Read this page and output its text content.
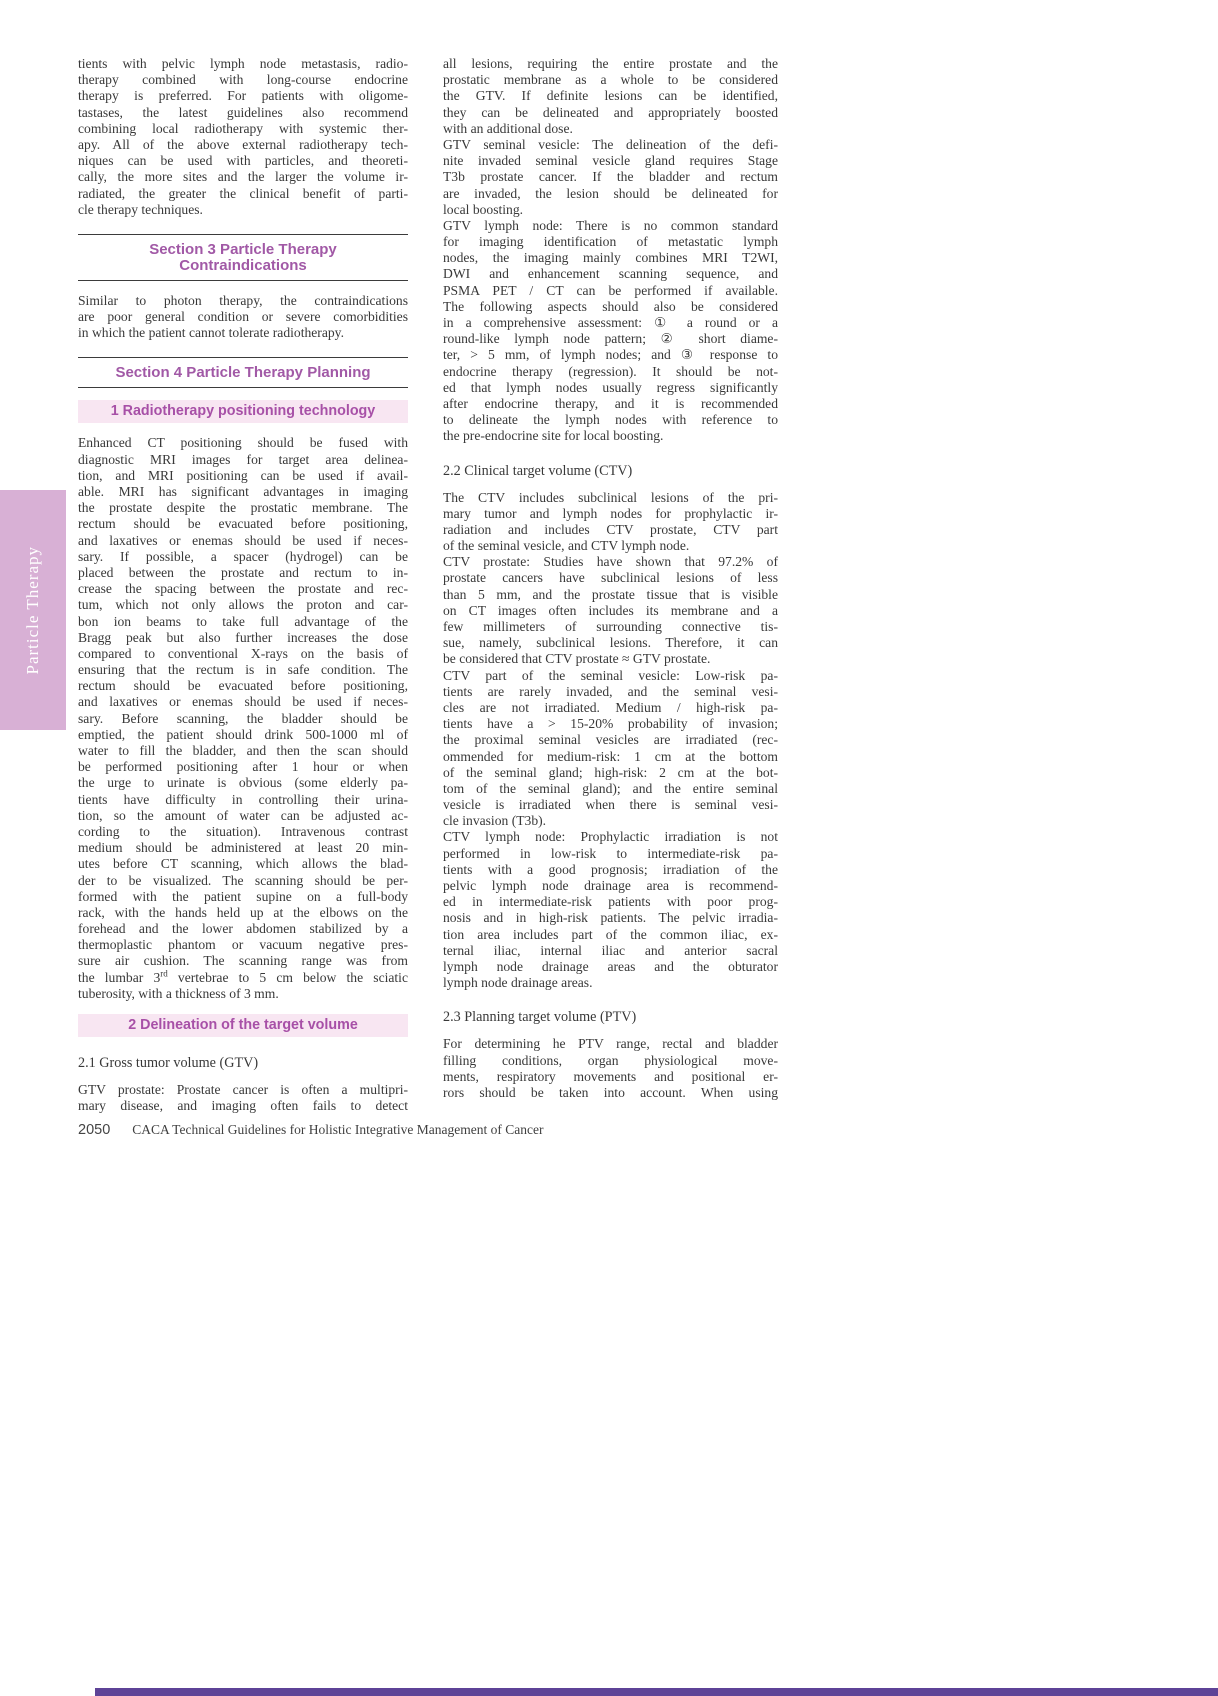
Particle Therapy
tients with pelvic lymph node metastasis, radio-
therapy combined with long-course endocrine
therapy is preferred. For patients with oligome-
tastases, the latest guidelines also recommend
combining local radiotherapy with systemic ther-
apy. All of the above external radiotherapy tech-
niques can be used with particles, and theoreti-
cally, the more sites and the larger the volume ir-
radiated, the greater the clinical benefit of parti-
cle therapy techniques.
Section 3 Particle Therapy
Contraindications
Similar to photon therapy, the contraindications
are poor general condition or severe comorbidities
in which the patient cannot tolerate radiotherapy.
Section 4 Particle Therapy Planning
1 Radiotherapy positioning technology
Enhanced CT positioning should be fused with
diagnostic MRI images for target area delinea-
tion, and MRI positioning can be used if avail-
able. MRI has significant advantages in imaging
the prostate despite the prostatic membrane. The
rectum should be evacuated before positioning,
and laxatives or enemas should be used if neces-
sary. If possible, a spacer (hydrogel) can be
placed between the prostate and rectum to in-
crease the spacing between the prostate and rec-
tum, which not only allows the proton and car-
bon ion beams to take full advantage of the
Bragg peak but also further increases the dose
compared to conventional X-rays on the basis of
ensuring that the rectum is in safe condition. The
rectum should be evacuated before positioning,
and laxatives or enemas should be used if neces-
sary. Before scanning, the bladder should be
emptied, the patient should drink 500-1000 ml of
water to fill the bladder, and then the scan should
be performed positioning after 1 hour or when
the urge to urinate is obvious (some elderly pa-
tients have difficulty in controlling their urina-
tion, so the amount of water can be adjusted ac-
cording to the situation). Intravenous contrast
medium should be administered at least 20 min-
utes before CT scanning, which allows the blad-
der to be visualized. The scanning should be per-
formed with the patient supine on a full-body
rack, with the hands held up at the elbows on the
forehead and the lower abdomen stabilized by a
thermoplastic phantom or vacuum negative pres-
sure air cushion. The scanning range was from
the lumbar 3rd vertebrae to 5 cm below the sciatic
tuberosity, with a thickness of 3 mm.
2 Delineation of the target volume
2.1 Gross tumor volume (GTV)
GTV prostate: Prostate cancer is often a multipri-
mary disease, and imaging often fails to detect
all lesions, requiring the entire prostate and the
prostatic membrane as a whole to be considered
the GTV. If definite lesions can be identified,
they can be delineated and appropriately boosted
with an additional dose.
GTV seminal vesicle: The delineation of the defi-
nite invaded seminal vesicle gland requires Stage
T3b prostate cancer. If the bladder and rectum
are invaded, the lesion should be delineated for
local boosting.
GTV lymph node: There is no common standard
for imaging identification of metastatic lymph
nodes, the imaging mainly combines MRI T2WI,
DWI and enhancement scanning sequence, and
PSMA PET / CT can be performed if available.
The following aspects should also be considered
in a comprehensive assessment: ① a round or a
round-like lymph node pattern; ② short diame-
ter, > 5 mm, of lymph nodes; and ③ response to
endocrine therapy (regression). It should be not-
ed that lymph nodes usually regress significantly
after endocrine therapy, and it is recommended
to delineate the lymph nodes with reference to
the pre-endocrine site for local boosting.
2.2 Clinical target volume (CTV)
The CTV includes subclinical lesions of the pri-
mary tumor and lymph nodes for prophylactic ir-
radiation and includes CTV prostate, CTV part
of the seminal vesicle, and CTV lymph node.
CTV prostate: Studies have shown that 97.2% of
prostate cancers have subclinical lesions of less
than 5 mm, and the prostate tissue that is visible
on CT images often includes its membrane and a
few millimeters of surrounding connective tis-
sue, namely, subclinical lesions. Therefore, it can
be considered that CTV prostate ≈ GTV prostate.
CTV part of the seminal vesicle: Low-risk pa-
tients are rarely invaded, and the seminal vesi-
cles are not irradiated. Medium / high-risk pa-
tients have a > 15-20% probability of invasion;
the proximal seminal vesicles are irradiated (rec-
ommended for medium-risk: 1 cm at the bottom
of the seminal gland; high-risk: 2 cm at the bot-
tom of the seminal gland); and the entire seminal
vesicle is irradiated when there is seminal vesi-
cle invasion (T3b).
CTV lymph node: Prophylactic irradiation is not
performed in low-risk to intermediate-risk pa-
tients with a good prognosis; irradiation of the
pelvic lymph node drainage area is recommend-
ed in intermediate-risk patients with poor prog-
nosis and in high-risk patients. The pelvic irradia-
tion area includes part of the common iliac, ex-
ternal iliac, internal iliac and anterior sacral
lymph node drainage areas and the obturator
lymph node drainage areas.
2.3 Planning target volume (PTV)
For determining he PTV range, rectal and bladder
filling conditions, organ physiological move-
ments, respiratory movements and positional er-
rors should be taken into account. When using
2050 CACA Technical Guidelines for Holistic Integrative Management of Cancer
